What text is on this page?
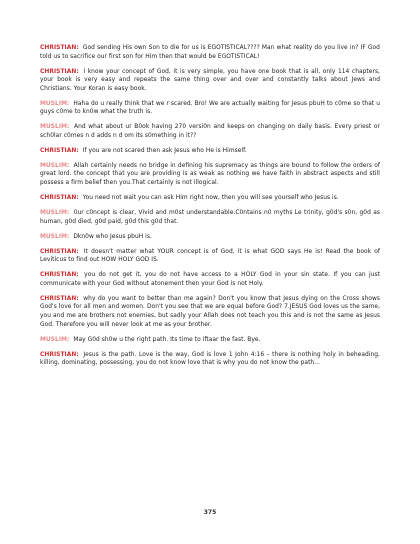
CHRISTIAN: God sending His own Son to die for us is EGOTISTICAL???? Man what reality do you live in? IF God told us to sacrifice our first son for Him then that would be EGOTISTICAL!

CHRISTIAN: I know your concept of God, it is very simple, you have one book that is all, only 114 chapters, your book is very easy and repeats the same thing over and over and constantly talks about Jews and Christians. Your Koran is easy book.

MUSLIM: Haha do u really think that we r scared. Bro! We are actually waiting for Jesus pbuH to c0me so that u guys c0me to kn0w what the truth is.

MUSLIM: And what about ur B0ok having 270 versi0n and keeps on changing on daily basis. Every priest or sch0lar c0mes n d adds n d om its s0mething in it??

CHRISTIAN: If you are not scared then ask Jesus who He is Himself.

MUSLIM: Allah certainly needs no bridge in defining his supremacy as things are bound to follow the orders of great lord. the concept that you are providing is as weak as nothing we have faith in abstract aspects and still possess a firm belief then you.That certainly is not illogical.

CHRISTIAN: You need not wait you can ask Him right now, then you will see yourself who Jesus is.

MUSLIM: 0ur c0ncept is clear, Vivid and m0st understandable.C0ntains n0 myths Le trinity, g0d's s0n, g0d as human, g0d died, g0d paid, g0d this g0d that.

MUSLIM: Dkn0w who Jesus pbuH is.

CHRISTIAN: It doesn't matter what YOUR concept is of God, it is what GOD says He is! Read the book of Leviticus to find out HOW HOLY GOD IS.

CHRISTIAN: you do not get it, you do not have access to a HOLY God in your sin state. If you can just communicate with your God without atonement then your God is not Holy.

CHRISTIAN: why do you want to better than me again? Don't you know that Jesus dying on the Cross shows God's love for all men and women. Don't you see that we are equal before God? 7.JESUS God loves us the same, you and me are brothers not enemies, but sadly your Allah does not teach you this and is not the same as Jesus God. Therefore you will never look at me as your brother.

MUSLIM: May G0d sh0w u the right path. Its time to iftaar the fast. Bye.

CHRISTIAN: Jesus is the path. Love is the way, God is love 1 John 4:16 – there is nothing holy in beheading, killing, dominating, possessing, you do not know love that is why you do not know the path...

375
